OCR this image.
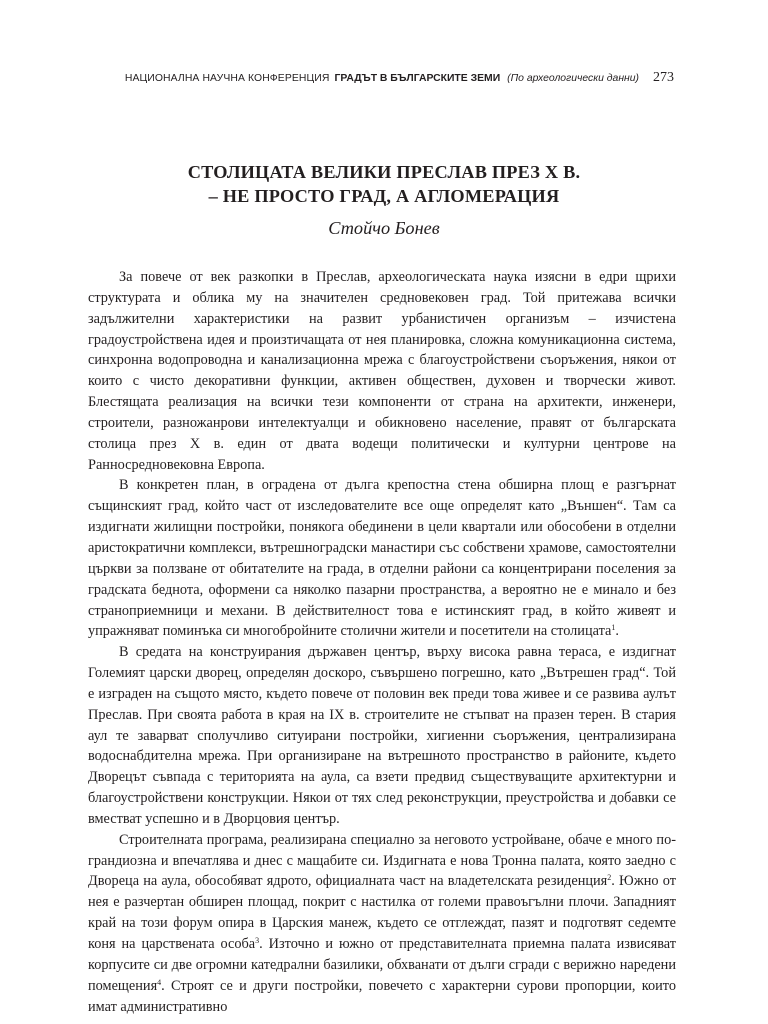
НАЦИОНАЛНА НАУЧНА КОНФЕРЕНЦИЯ ГРАДЪТ В БЪЛГАРСКИТЕ ЗЕМИ (По археологически данни) 273
СТОЛИЦАТА ВЕЛИКИ ПРЕСЛАВ ПРЕЗ Х В.
– НЕ ПРОСТО ГРАД, А АГЛОМЕРАЦИЯ
Стойчо Бонев

За повече от век разкопки в Преслав, археологическата наука изясни в едри щрихи структурата и облика му на значителен средновековен град. Той притежава всички задължителни характеристики на развит урбанистичен организъм – изчистена градоустройствена идея и произтичащата от нея планировка, сложна комуникационна система, синхронна водопроводна и канализационна мрежа с благоустройствени съоръжения, някои от които с чисто декоративни функции, активен обществен, духовен и творчески живот. Блестящата реализация на всички тези компоненти от страна на архитекти, инженери, строители, разножанрови интелектуалци и обикновено население, правят от българската столица през Х в. един от двата водещи политически и културни центрове на Ранносредновековна Европа.

В конкретен план, в оградена от дълга крепостна стена обширна площ е разгърнат същинският град, който част от изследователите все още определят като „Външен“. Там са издигнати жилищни постройки, понякога обединени в цели квартали или обособени в отделни аристократични комплекси, вътрешноградски манастири със собствени храмове, самостоятелни църкви за ползване от обитателите на града, в отделни райони са концентрирани поселения за градската беднота, оформени са няколко пазарни пространства, а вероятно не е минало и без страноприемници и механи. В действителност това е истинският град, в който живеят и упражняват поминъка си многобройните столични жители и посетители на столицата$^1$.

В средата на конструирания държавен център, върху висока равна тераса, е издигнат Големият царски дворец, определян доскоро, съвършено погрешно, като „Вътрешен град“. Той е изграден на същото място, където повече от половин век преди това живее и се развива аулът Преслав. При своята работа в края на IX в. строителите не стъпват на празен терен. В стария аул те заварват сполучливо ситуирани постройки, хигиенни съоръжения, централизирана водоснабдителна мрежа. При организиране на вътрешното пространство в районите, където Дворецът съвпада с територията на аула, са взети предвид съществуващите архитектурни и благоустройствени конструкции. Някои от тях след реконструкции, преустройства и добавки се вместват успешно и в Дворцовия център.

Строителната програма, реализирана специално за неговото устройване, обаче е много по-грандиозна и впечатлява и днес с мащабите си. Издигната е нова Тронна палата, която заедно с Двореца на аула, обособяват ядрото, официалната част на владетелската резиденция$^2$. Южно от нея е разчертан обширен площад, покрит с настилка от големи правоъгълни плочи. Западният край на този форум опира в Царския манеж, където се отглеждат, пазят и подготвят седемте коня на царствената особа$^3$. Източно и южно от представителната приемна палата извисяват корпусите си две огромни катедрални базилики, обхванати от дълги сгради с верижно наредени помещения$^4$. Строят се и други постройки, повечето с характерни сурови пропорции, които имат административно
